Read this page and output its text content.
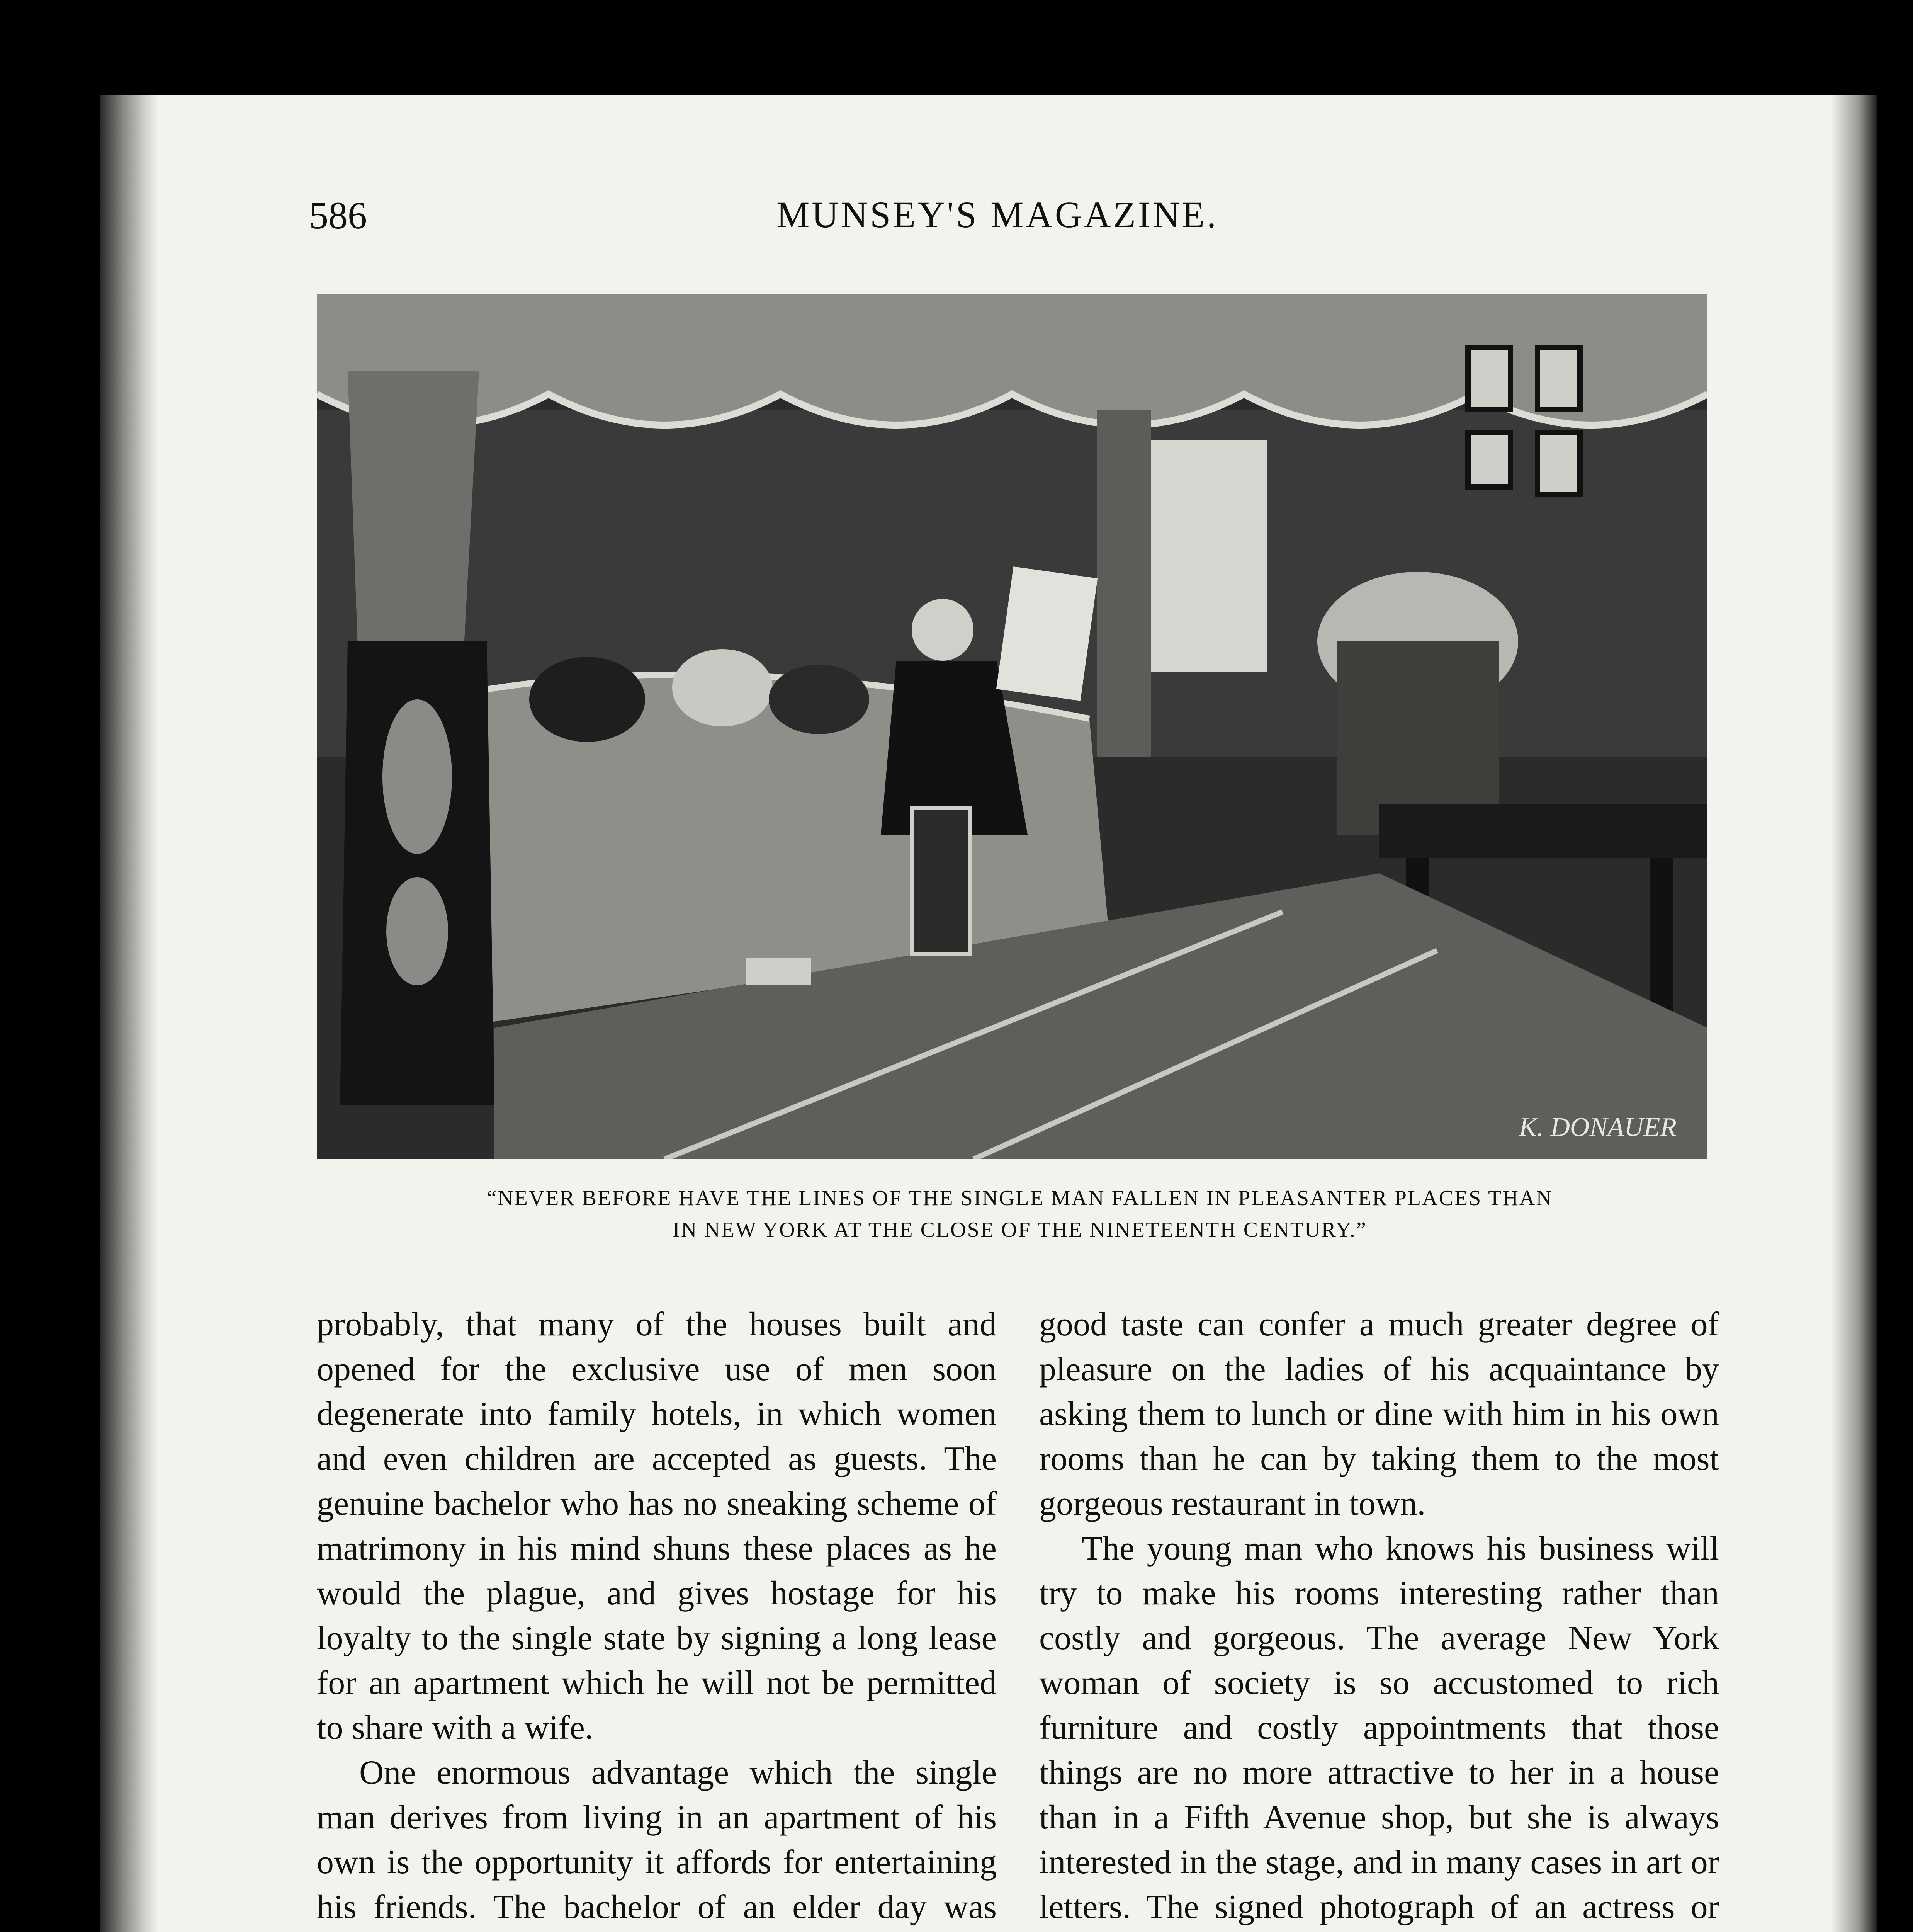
586	MUNSEY'S MAGAZINE.

K. DONAUER
“NEVER BEFORE HAVE THE LINES OF THE SINGLE MAN FALLEN IN PLEASANTER PLACES THAN
IN NEW YORK AT THE CLOSE OF THE NINETEENTH CENTURY.”

probably, that many of the houses built and opened for the exclusive use of men soon degenerate into family hotels, in which women and even children are accepted as guests. The genuine bachelor who has no sneaking scheme of matrimony in his mind shuns these places as he would the plague, and gives hostage for his loyalty to the single state by signing a long lease for an apartment which he will not be permitted to share with a wife.

One enormous advantage which the single man derives from living in an apartment of his own is the opportunity it affords for entertaining his friends. The bachelor of an elder day was

good taste can confer a much greater degree of pleasure on the ladies of his acquaintance by asking them to lunch or dine with him in his own rooms than he can by taking them to the most gorgeous restaurant in town.

The young man who knows his business will try to make his rooms interesting rather than costly and gorgeous. The average New York woman of society is so accustomed to rich furniture and costly appointments that those things are no more attractive to her in a house than in a Fifth Avenue shop, but she is always interested in the stage, and in many cases in art or letters. The signed photograph of an actress or
